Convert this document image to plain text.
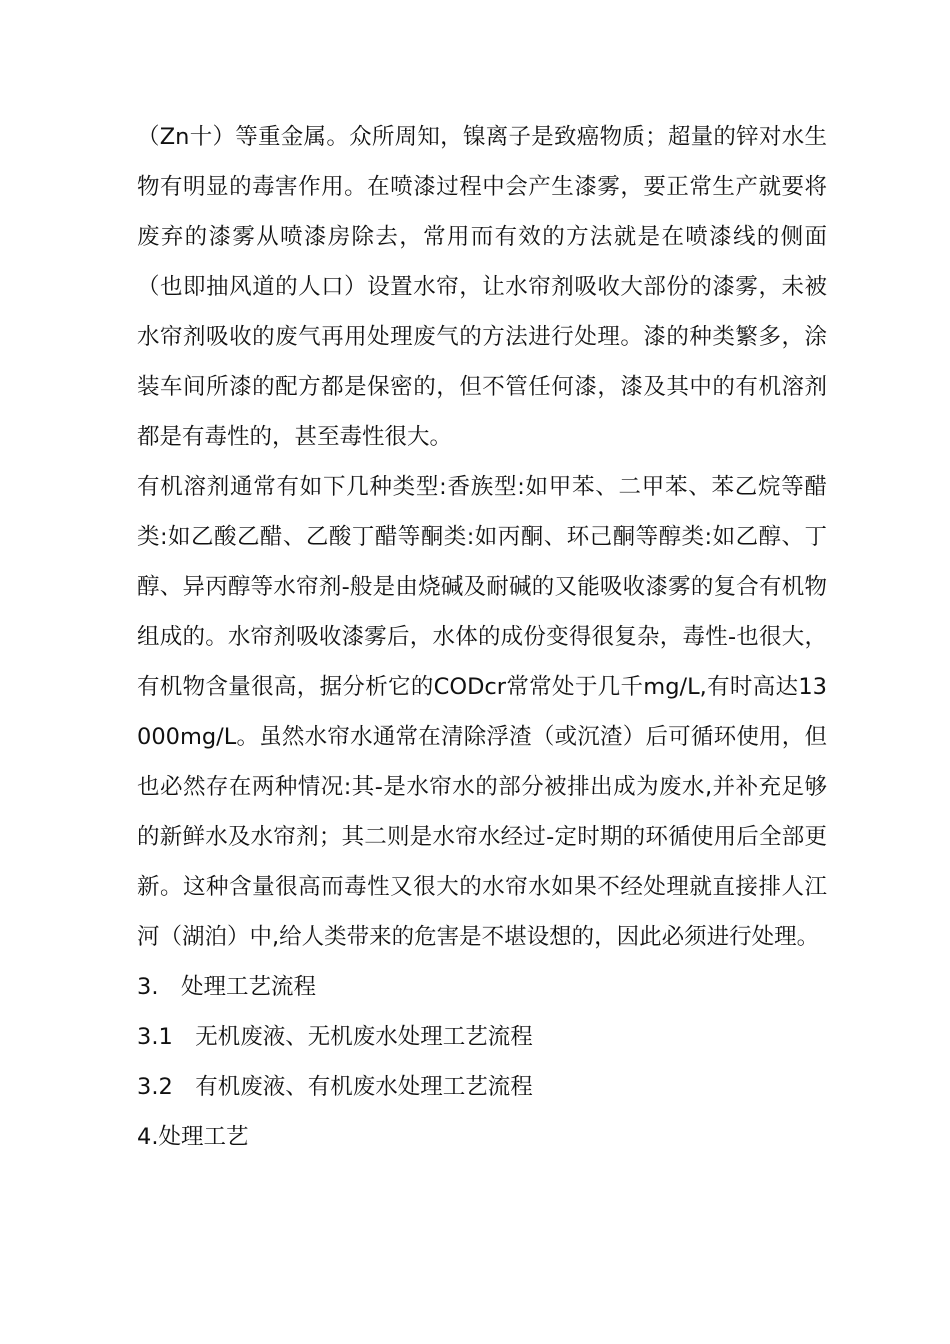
（Zn十）等重金属。众所周知，镍离子是致癌物质；超量的锌对水生物有明显的毒害作用。在喷漆过程中会产生漆雾，要正常生产就要将废弃的漆雾从喷漆房除去，常用而有效的方法就是在喷漆线的侧面（也即抽风道的人口）设置水帘，让水帘剂吸收大部份的漆雾，未被水帘剂吸收的废气再用处理废气的方法进行处理。漆的种类繁多，涂装车间所漆的配方都是保密的，但不管任何漆，漆及其中的有机溶剂都是有毒性的，甚至毒性很大。

有机溶剂通常有如下几种类型:香族型:如甲苯、二甲苯、苯乙烷等醋类:如乙酸乙醋、乙酸丁醋等酮类:如丙酮、环己酮等醇类:如乙醇、丁醇、异丙醇等水帘剂-般是由烧碱及耐碱的又能吸收漆雾的复合有机物组成的。水帘剂吸收漆雾后，水体的成份变得很复杂，毒性-也很大，有机物含量很高，据分析它的CODcr常常处于几千mg/L,有时高达13000mg/L。虽然水帘水通常在清除浮渣（或沉渣）后可循环使用，但也必然存在两种情况:其-是水帘水的部分被排出成为废水,并补充足够的新鲜水及水帘剂；其二则是水帘水经过-定时期的环循使用后全部更新。这种含量很高而毒性又很大的水帘水如果不经处理就直接排人江河（湖泊）中,给人类带来的危害是不堪设想的，因此必须进行处理。

3.　处理工艺流程

3.1　无机废液、无机废水处理工艺流程

3.2　有机废液、有机废水处理工艺流程

4.处理工艺
